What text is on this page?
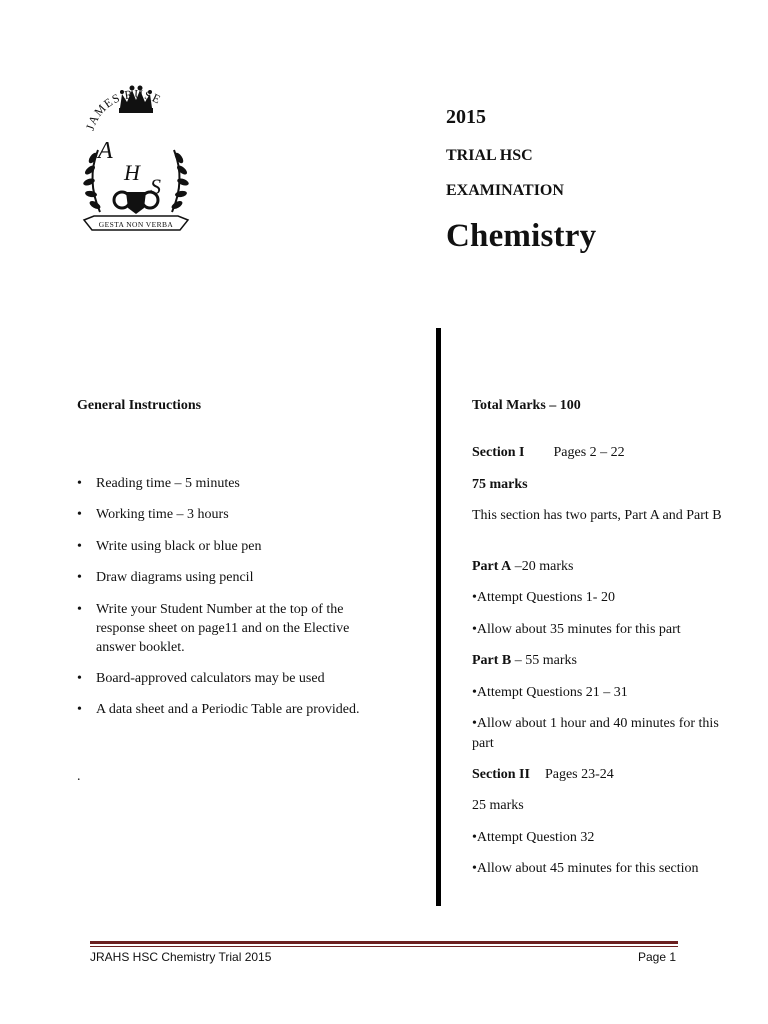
JAMES RUSE
A
H
S
GESTA NON VERBA
2015
TRIAL HSC
EXAMINATION
Chemistry
General Instructions
• Reading time – 5 minutes
• Working time – 3 hours
• Write using black or blue pen
• Draw diagrams using pencil
• Write your Student Number at the top of the response sheet on page11 and on the Elective answer booklet.
• Board-approved calculators may be used
• A data sheet and a Periodic Table are provided.
.
Total Marks – 100
Section I Pages 2 – 22
75 marks
This section has two parts, Part A and Part B
Part A –20 marks
•Attempt Questions 1- 20
•Allow about 35 minutes for this part
Part B – 55 marks
•Attempt Questions 21 – 31
•Allow about 1 hour and 40 minutes for this part
Section II Pages 23-24
25 marks
•Attempt Question 32
•Allow about 45 minutes for this section
JRAHS HSC Chemistry Trial 2015	Page 1
